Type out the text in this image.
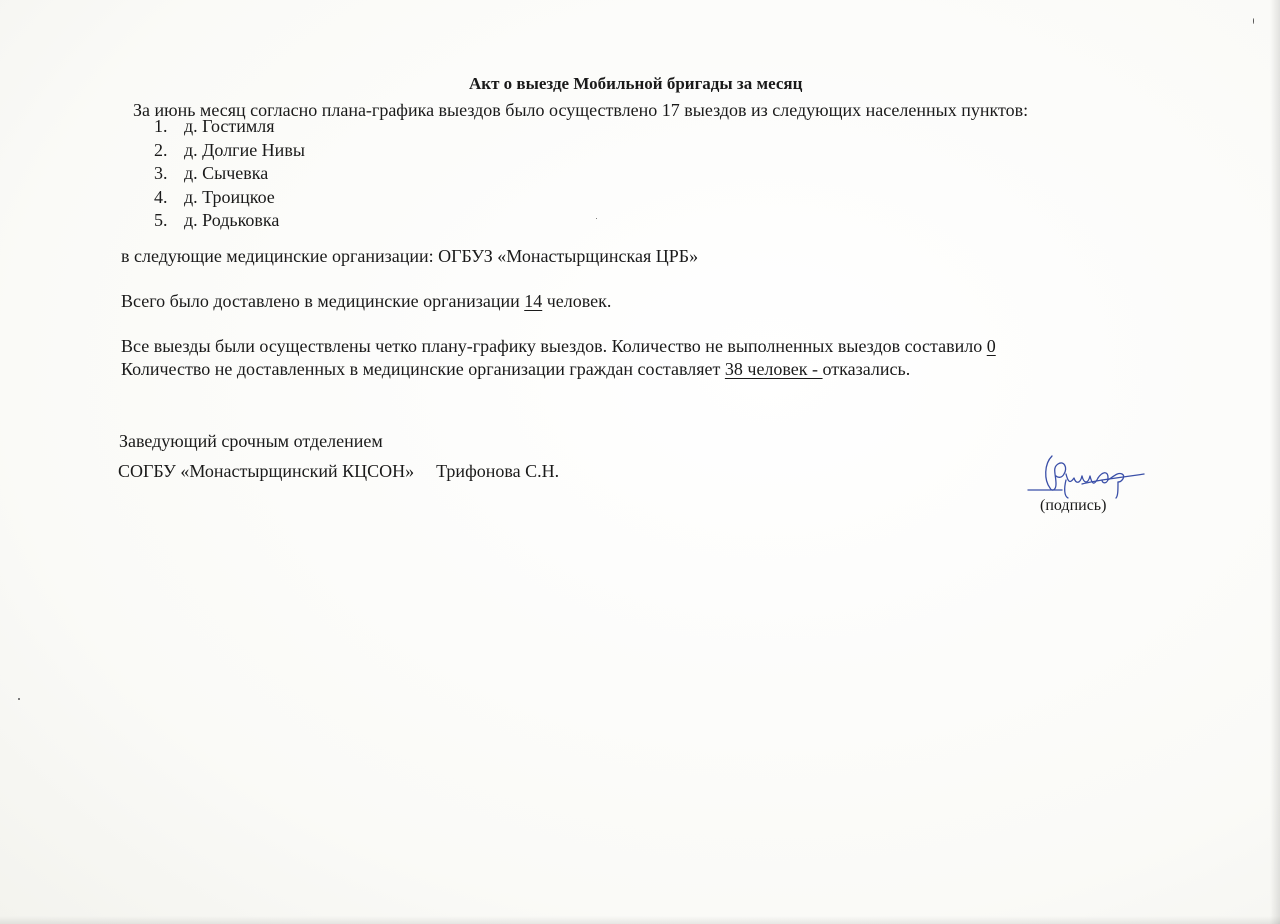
Акт о выезде Мобильной бригады за месяц
За июнь месяц согласно плана-графика выездов было осуществлено 17 выездов из следующих населенных пунктов:
1. д. Гостимля
2. д. Долгие Нивы
3. д. Сычевка
4. д. Троицкое
5. д. Родьковка
в следующие медицинские организации: ОГБУЗ «Монастырщинская ЦРБ»
Всего было доставлено в медицинские организации 14 человек.
Все выезды были осуществлены четко плану-графику выездов. Количество не выполненных выездов составило 0
Количество не доставленных в медицинские организации граждан составляет 38 человек - отказались.
Заведующий срочным отделением
СОГБУ «Монастырщинский КЦСОН» Трифонова С.Н.
(подпись)
